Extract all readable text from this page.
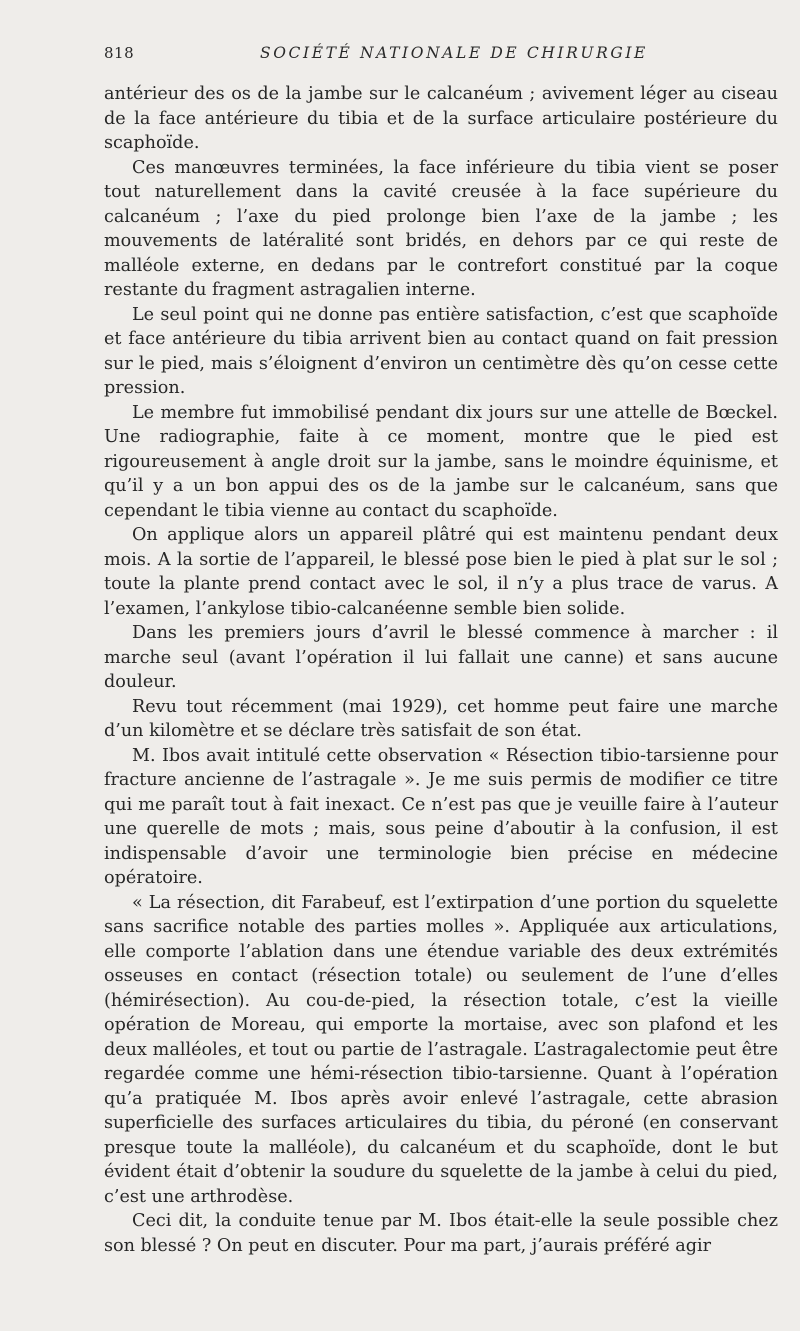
818	SOCIÉTÉ NATIONALE DE CHIRURGIE

antérieur des os de la jambe sur le calcanéum ; avivement léger au ciseau de la face antérieure du tibia et de la surface articulaire postérieure du scaphoïde.

Ces manœuvres terminées, la face inférieure du tibia vient se poser tout naturellement dans la cavité creusée à la face supérieure du calcanéum ; l’axe du pied prolonge bien l’axe de la jambe ; les mouvements de latéralité sont bridés, en dehors par ce qui reste de malléole externe, en dedans par le contrefort constitué par la coque restante du fragment astragalien interne.

Le seul point qui ne donne pas entière satisfaction, c’est que scaphoïde et face antérieure du tibia arrivent bien au contact quand on fait pression sur le pied, mais s’éloignent d’environ un centimètre dès qu’on cesse cette pression.

Le membre fut immobilisé pendant dix jours sur une attelle de Bœckel. Une radiographie, faite à ce moment, montre que le pied est rigoureusement à angle droit sur la jambe, sans le moindre équinisme, et qu’il y a un bon appui des os de la jambe sur le calcanéum, sans que cependant le tibia vienne au contact du scaphoïde.

On applique alors un appareil plâtré qui est maintenu pendant deux mois. A la sortie de l’appareil, le blessé pose bien le pied à plat sur le sol ; toute la plante prend contact avec le sol, il n’y a plus trace de varus. A l’examen, l’ankylose tibio-calcanéenne semble bien solide.

Dans les premiers jours d’avril le blessé commence à marcher : il marche seul (avant l’opération il lui fallait une canne) et sans aucune douleur.

Revu tout récemment (mai 1929), cet homme peut faire une marche d’un kilomètre et se déclare très satisfait de son état.

M. Ibos avait intitulé cette observation « Résection tibio-tarsienne pour fracture ancienne de l’astragale ». Je me suis permis de modifier ce titre qui me paraît tout à fait inexact. Ce n’est pas que je veuille faire à l’auteur une querelle de mots ; mais, sous peine d’aboutir à la confusion, il est indispensable d’avoir une terminologie bien précise en médecine opératoire.

« La résection, dit Farabeuf, est l’extirpation d’une portion du squelette sans sacrifice notable des parties molles ». Appliquée aux articulations, elle comporte l’ablation dans une étendue variable des deux extrémités osseuses en contact (résection totale) ou seulement de l’une d’elles (hémirésection). Au cou-de-pied, la résection totale, c’est la vieille opération de Moreau, qui emporte la mortaise, avec son plafond et les deux malléoles, et tout ou partie de l’astragale. L’astragalectomie peut être regardée comme une hémi-résection tibio-tarsienne. Quant à l’opération qu’a pratiquée M. Ibos après avoir enlevé l’astragale, cette abrasion superficielle des surfaces articulaires du tibia, du péroné (en conservant presque toute la malléole), du calcanéum et du scaphoïde, dont le but évident était d’obtenir la soudure du squelette de la jambe à celui du pied, c’est une arthrodèse.

Ceci dit, la conduite tenue par M. Ibos était-elle la seule possible chez son blessé ? On peut en discuter. Pour ma part, j’aurais préféré agir
